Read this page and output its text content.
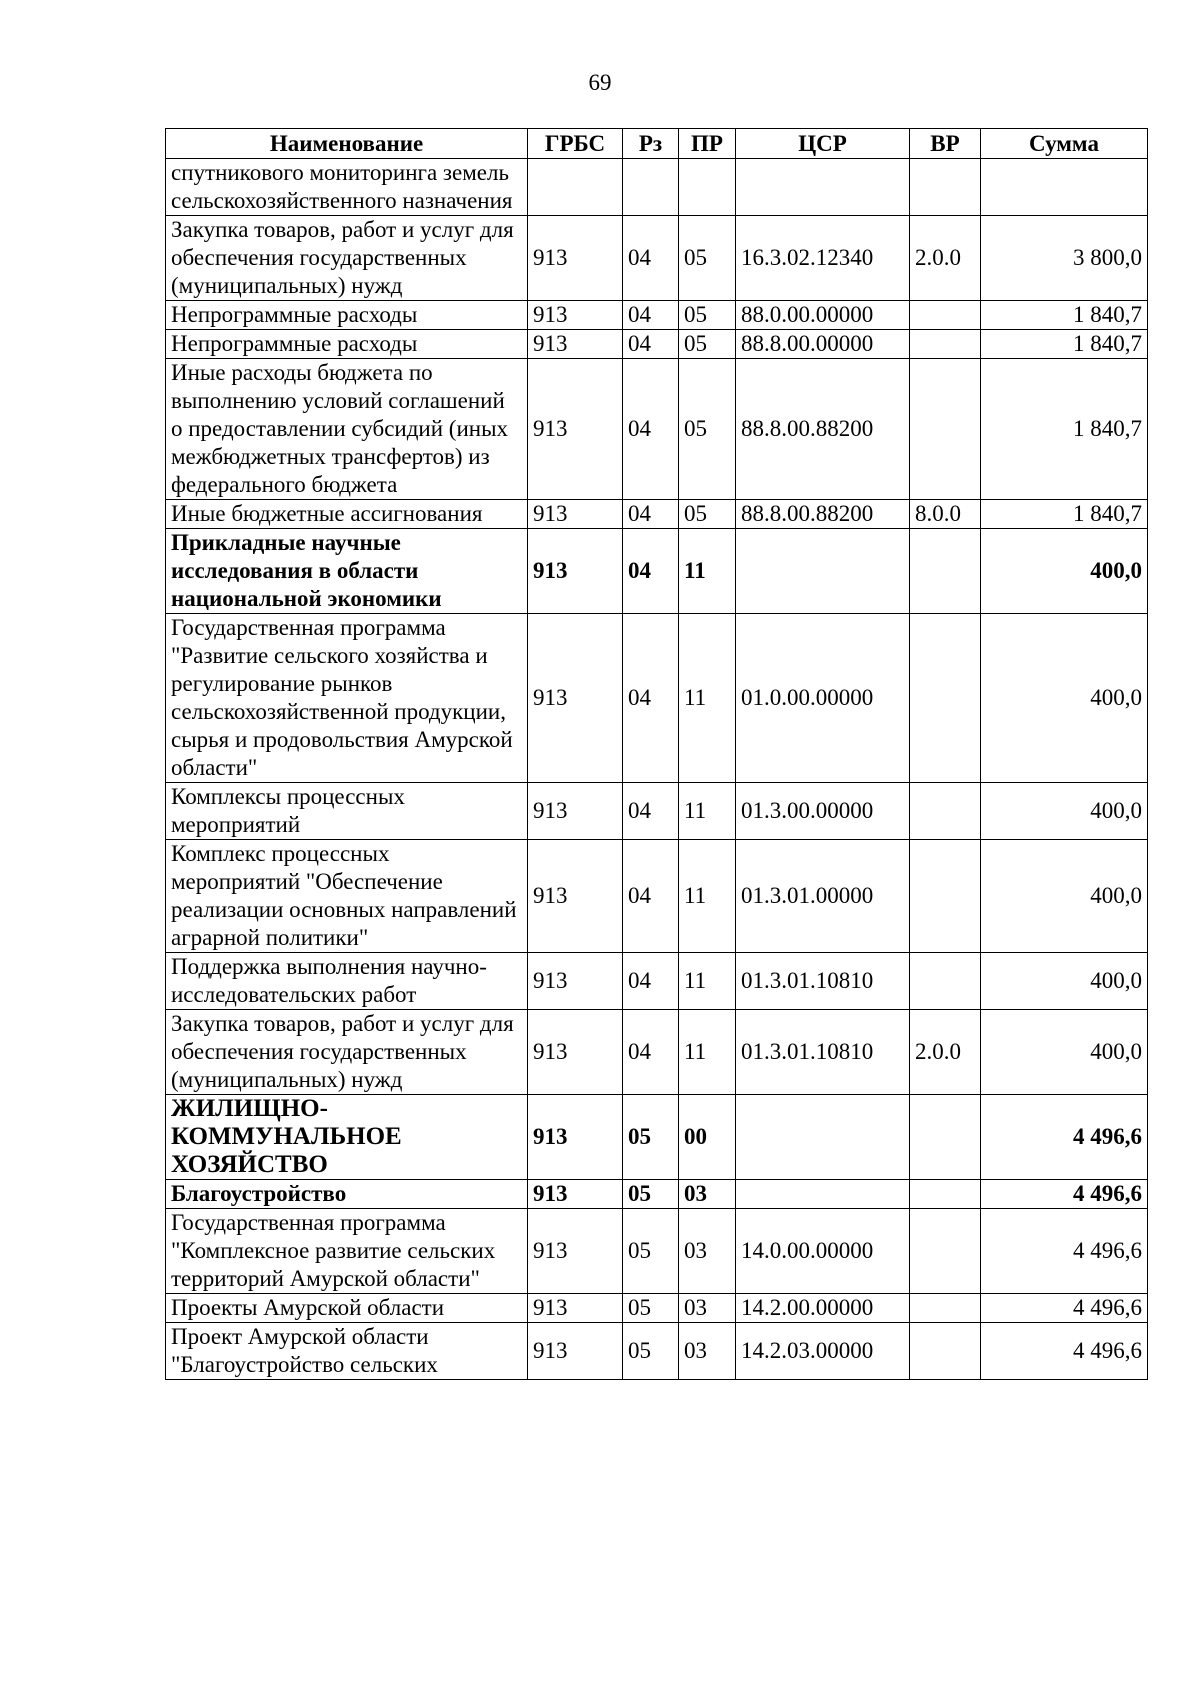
69
Наименование	ГРБС	Рз	ПР	ЦСР	ВР	Сумма
спутникового мониторинга земель сельскохозяйственного назначения						
Закупка товаров, работ и услуг для обеспечения государственных (муниципальных) нужд	913	04	05	16.3.02.12340	2.0.0	3 800,0
Непрограммные расходы	913	04	05	88.0.00.00000		1 840,7
Непрограммные расходы	913	04	05	88.8.00.00000		1 840,7
Иные расходы бюджета по выполнению условий соглашений о предоставлении субсидий (иных межбюджетных трансфертов) из федерального бюджета	913	04	05	88.8.00.88200		1 840,7
Иные бюджетные ассигнования	913	04	05	88.8.00.88200	8.0.0	1 840,7
Прикладные научные исследования в области национальной экономики	913	04	11			400,0
Государственная программа "Развитие сельского хозяйства и регулирование рынков сельскохозяйственной продукции, сырья и продовольствия Амурской области"	913	04	11	01.0.00.00000		400,0
Комплексы процессных мероприятий	913	04	11	01.3.00.00000		400,0
Комплекс процессных мероприятий "Обеспечение реализации основных направлений аграрной политики"	913	04	11	01.3.01.00000		400,0
Поддержка выполнения научно-исследовательских работ	913	04	11	01.3.01.10810		400,0
Закупка товаров, работ и услуг для обеспечения государственных (муниципальных) нужд	913	04	11	01.3.01.10810	2.0.0	400,0
ЖИЛИЩНО-КОММУНАЛЬНОЕ ХОЗЯЙСТВО	913	05	00			4 496,6
Благоустройство	913	05	03			4 496,6
Государственная программа "Комплексное развитие сельских территорий Амурской области"	913	05	03	14.0.00.00000		4 496,6
Проекты Амурской области	913	05	03	14.2.00.00000		4 496,6
Проект Амурской области "Благоустройство сельских	913	05	03	14.2.03.00000		4 496,6
